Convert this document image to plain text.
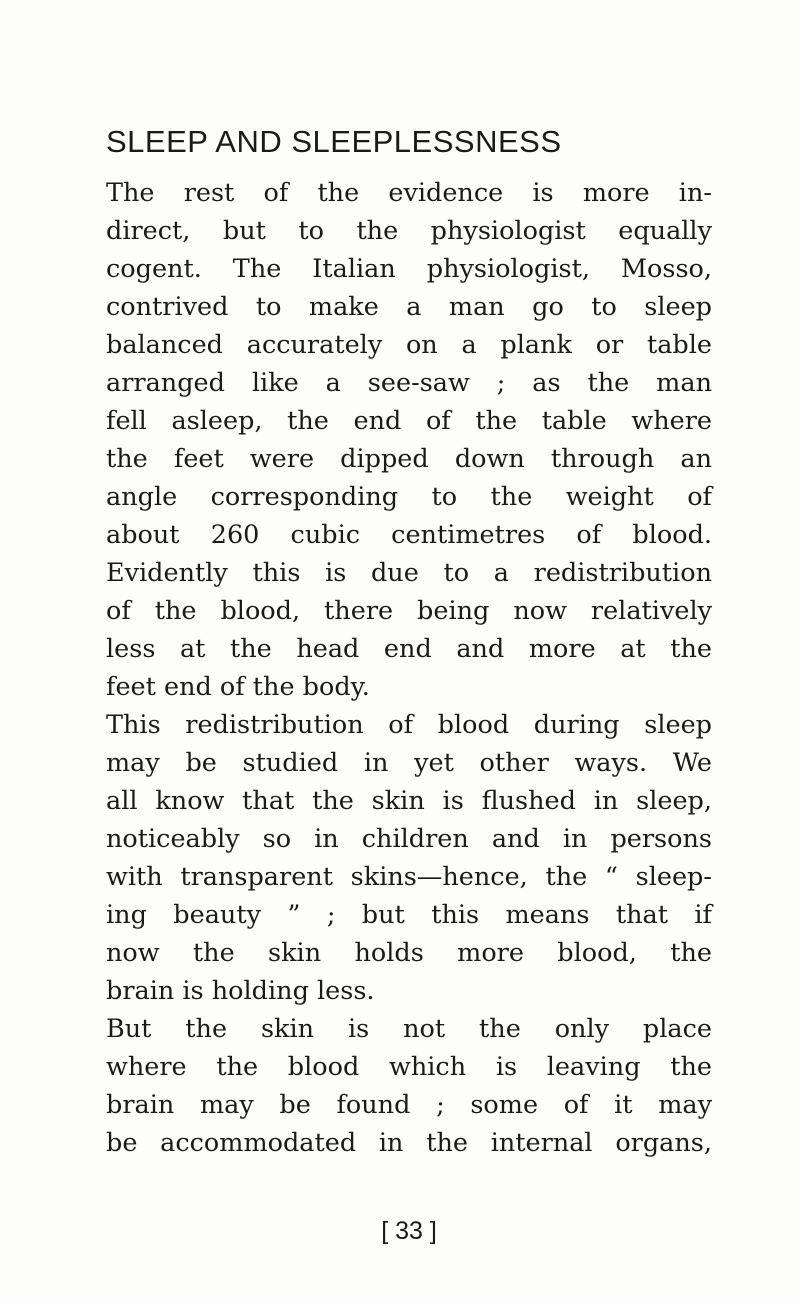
SLEEP AND SLEEPLESSNESS
The rest of the evidence is more in-
direct, but to the physiologist equally
cogent. The Italian physiologist, Mosso,
contrived to make a man go to sleep
balanced accurately on a plank or table
arranged like a see-saw ; as the man
fell asleep, the end of the table where
the feet were dipped down through an
angle corresponding to the weight of
about 260 cubic centimetres of blood.
Evidently this is due to a redistribution
of the blood, there being now relatively
less at the head end and more at the
feet end of the body.
This redistribution of blood during sleep
may be studied in yet other ways. We
all know that the skin is flushed in sleep,
noticeably so in children and in persons
with transparent skins—hence, the “ sleep-
ing beauty ” ; but this means that if
now the skin holds more blood, the
brain is holding less.
But the skin is not the only place
where the blood which is leaving the
brain may be found ; some of it may
be accommodated in the internal organs,
[ 33 ]
